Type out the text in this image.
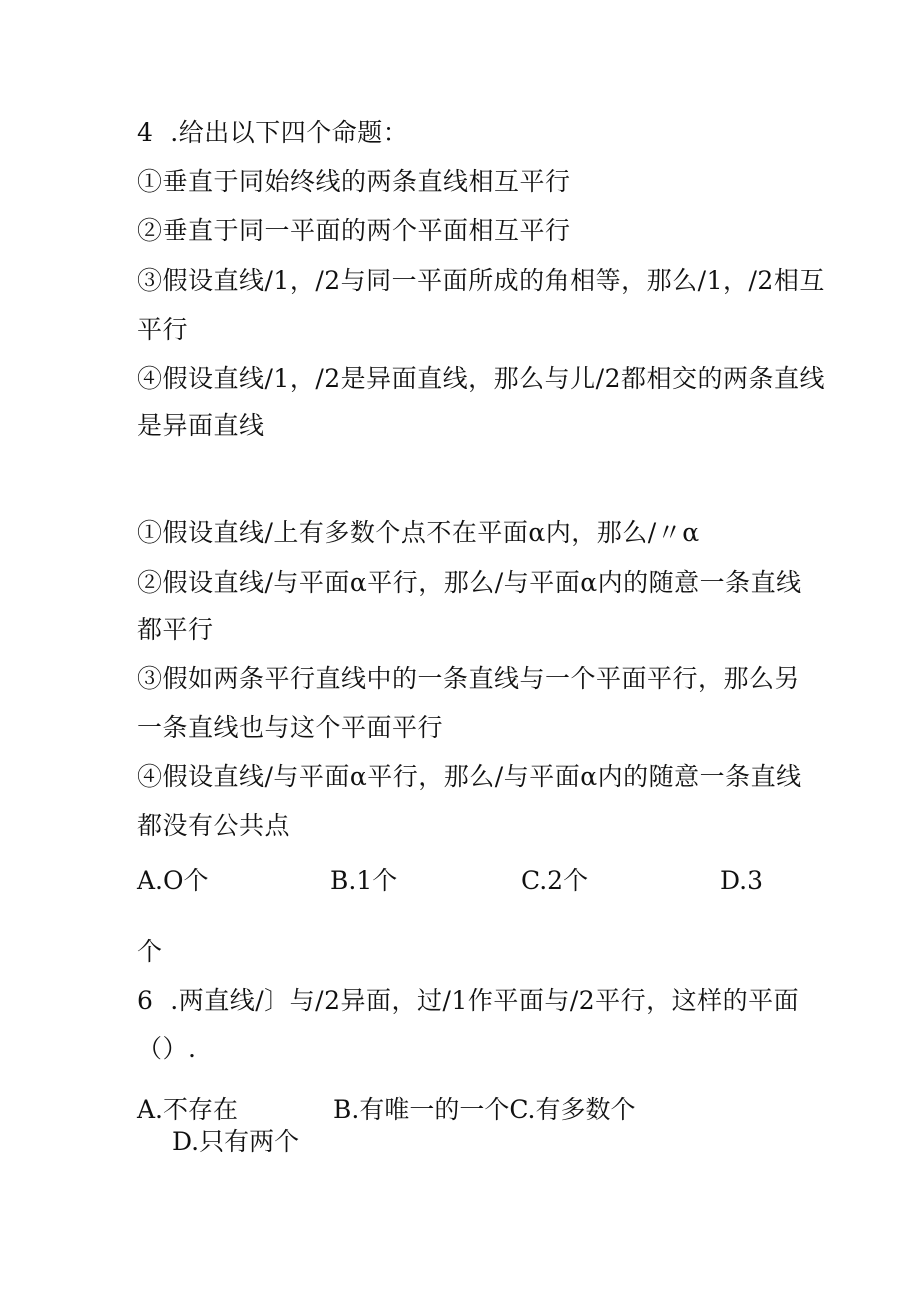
4  .给出以下四个命题：
①垂直于同始终线的两条直线相互平行
②垂直于同一平面的两个平面相互平行
③假设直线/1，/2与同一平面所成的角相等，那么/1，/2相互
平行
④假设直线/1，/2是异面直线，那么与儿/2都相交的两条直线
是异面直线
①假设直线/上有多数个点不在平面α内，那么/〃α
②假设直线/与平面α平行，那么/与平面α内的随意一条直线
都平行
③假如两条平行直线中的一条直线与一个平面平行，那么另
一条直线也与这个平面平行
④假设直线/与平面α平行，那么/与平面α内的随意一条直线
都没有公共点
A.O个	B.1个	C.2个	D.3
个
6  .两直线/〕与/2异面，过/1作平面与/2平行，这样的平面
（）.
A.不存在	B.有唯一的一个C.有多数个
D.只有两个
